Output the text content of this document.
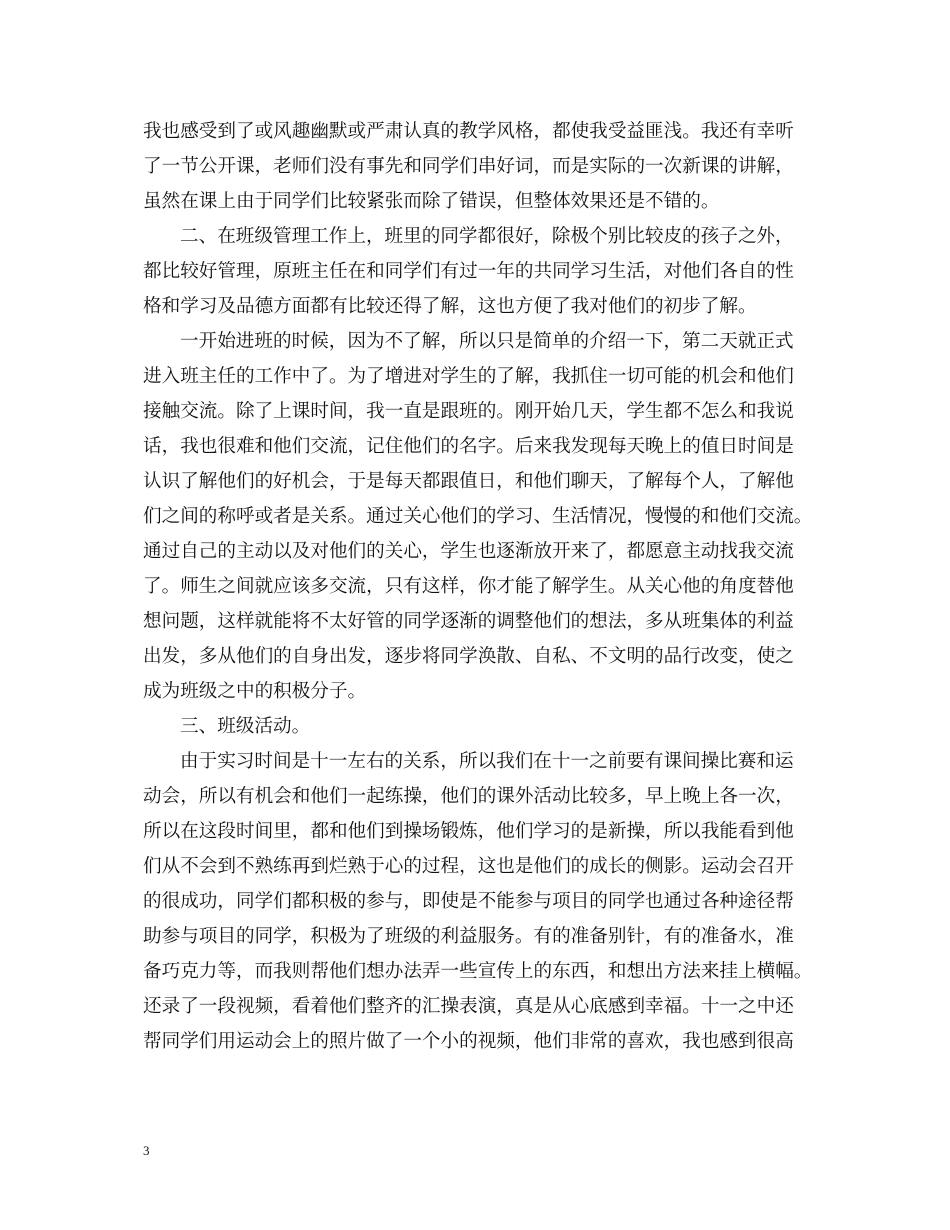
我也感受到了或风趣幽默或严肃认真的教学风格，都使我受益匪浅。我还有幸听
了一节公开课，老师们没有事先和同学们串好词，而是实际的一次新课的讲解，
虽然在课上由于同学们比较紧张而除了错误，但整体效果还是不错的。
二、在班级管理工作上，班里的同学都很好，除极个别比较皮的孩子之外，
都比较好管理，原班主任在和同学们有过一年的共同学习生活，对他们各自的性
格和学习及品德方面都有比较还得了解，这也方便了我对他们的初步了解。
一开始进班的时候，因为不了解，所以只是简单的介绍一下，第二天就正式
进入班主任的工作中了。为了增进对学生的了解，我抓住一切可能的机会和他们
接触交流。除了上课时间，我一直是跟班的。刚开始几天，学生都不怎么和我说
话，我也很难和他们交流，记住他们的名字。后来我发现每天晚上的值日时间是
认识了解他们的好机会，于是每天都跟值日，和他们聊天，了解每个人，了解他
们之间的称呼或者是关系。通过关心他们的学习、生活情况，慢慢的和他们交流。
通过自己的主动以及对他们的关心，学生也逐渐放开来了，都愿意主动找我交流
了。师生之间就应该多交流，只有这样，你才能了解学生。从关心他的角度替他
想问题，这样就能将不太好管的同学逐渐的调整他们的想法，多从班集体的利益
出发，多从他们的自身出发，逐步将同学涣散、自私、不文明的品行改变，使之
成为班级之中的积极分子。
三、班级活动。
由于实习时间是十一左右的关系，所以我们在十一之前要有课间操比赛和运
动会，所以有机会和他们一起练操，他们的课外活动比较多，早上晚上各一次，
所以在这段时间里，都和他们到操场锻炼，他们学习的是新操，所以我能看到他
们从不会到不熟练再到烂熟于心的过程，这也是他们的成长的侧影。运动会召开
的很成功，同学们都积极的参与，即使是不能参与项目的同学也通过各种途径帮
助参与项目的同学，积极为了班级的利益服务。有的准备别针，有的准备水，准
备巧克力等，而我则帮他们想办法弄一些宣传上的东西，和想出方法来挂上横幅。
还录了一段视频，看着他们整齐的汇操表演，真是从心底感到幸福。十一之中还
帮同学们用运动会上的照片做了一个小的视频，他们非常的喜欢，我也感到很高
3
